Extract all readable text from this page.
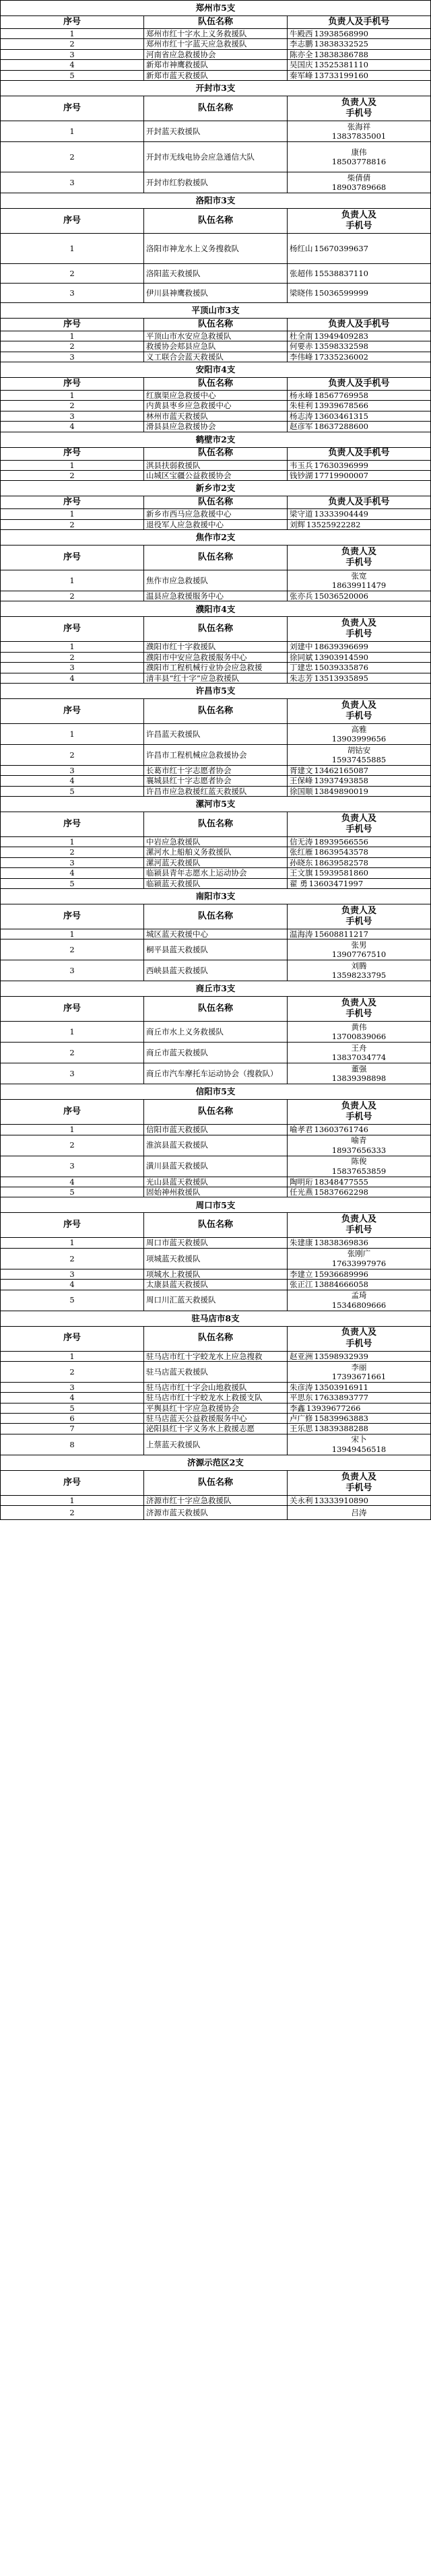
郑州市5支		
序号	队伍名称	负责人及手机号
1	郑州市红十字水上义务救援队	牛殿西 13938568990
2	郑州市红十字蓝天应急救援队	李志鹏 13838332525
3	河南省应急救援协会	陈亦全 13838386788
4	新郑市神鹰救援队	吴国庆 13525381110
5	新郑市蓝天救援队	秦军峰 13733199160
开封市3支		
序号	队伍名称	负责人及
手机号

1	开封蓝天救援队	张海祥
13837835001

2	开封市无线电协会应急通信大队	康伟
18503778816

3	开封市红豹救援队	柴倩倩
18903789668

洛阳市3支		
序号	队伍名称	负责人及
手机号

1	洛阳市神龙水上义务搜救队	杨红山 15670399637
2	洛阳蓝天救援队	张超伟 15538837110
3	伊川县神鹰救援队	梁晓伟 15036599999
平顶山市3支		
序号	队伍名称	负责人及手机号
1	平顶山市水安应急救援队	杜全南 13949409283
2	救援协会郏县应急队	何要赤 13598332598
3	义工联合会蓝天救援队	李伟峰 17335236002
安阳市4支		
序号	队伍名称	负责人及手机号
1	红旗渠应急救援中心	杨永峰 18567769958
2	内黄县枣乡应急救援中心	朱桂利 13939678566
3	林州市蓝天救援队	杨志涛 13603461315
4	滑县县应急救援协会	赵彦军 18637288600
鹤壁市2支		
序号	队伍名称	负责人及手机号
1	淇县扶弱救援队	韦玉兵 17630396999
2	山城区宝疆公益救援协会	钱钞湖 17719900007
新乡市2支		
序号	队伍名称	负责人及手机号
1	新乡市西马应急救援中心	梁守道 13333904449
2	退役军人应急救援中心	刘辉 13525922282
焦作市2支		
序号	队伍名称	负责人及
手机号

1	焦作市应急救援队	张宽
18639911479

2	温县应急救援服务中心	张亦兵 15036520006
濮阳市4支		
序号	队伍名称	负责人及
手机号

1	濮阳市红十字救援队	刘建中 18639396699
2	濮阳市中安应急救援服务中心	徐同斌 13903914590
3	濮阳市工程机械行业协会应急救援	丁建忠 15039335876
4	清丰县“红十字”应急救援队	朱志芳 13513935895
许昌市5支		
序号	队伍名称	负责人及
手机号

1	许昌蓝天救援队	高雅
13903999656

2	许昌市工程机械应急救援协会	胡钴安
15937455885

3	长葛市红十字志愿者协会	胥建文 13462165087
4	襄城县红十字志愿者协会	王保峰 13937493858
5	许昌市应急救援红蓝天救援队	徐国顺 13849890019
漯河市5支		
序号	队伍名称	负责人及
手机号

1	中岩应急救援队	信无涛 18939566556
2	漯河水上船舶义务救援队	张红雁 18639543578
3	漯河蓝天救援队	孙晓东 18639582578
4	临颍县青年志愿水上运动协会	王文旗 15939581860
5	临颍蓝天救援队	翟 勇 13603471997
南阳市3支		
序号	队伍名称	负责人及
手机号

1	城区蓝天救援中心	温海涛 15608811217
2	桐平县蓝天救援队	张男
13907767510

3	西峡县蓝天救援队	刘腾
13598233795

商丘市3支		
序号	队伍名称	负责人及
手机号

1	商丘市水上义务救援队	黄伟
13700839066

2	商丘市蓝天救援队	王舟
13837034774

3	商丘市汽车摩托车运动协会（搜救队）	董强
13839398898

信阳市5支		
序号	队伍名称	负责人及
手机号

1	信阳市蓝天救援队	喻孝君 13603761746
2	淮滨县蓝天救援队	喻青
18937656333

3	潢川县蓝天救援队	陈俊
15837653859

4	光山县蓝天救援队	陶明珩 18348477555
5	固始神州救援队	任光燕 15837662298
周口市5支		
序号	队伍名称	负责人及
手机号

1	周口市蓝天救援队	朱建康 13838369836
2	项城蓝天救援队	张刚广
17633997976

3	项城水上救援队	李建立 15936689996
4	太康县蓝天救援队	张正江 13884666058
5	周口川汇蓝天救援队	孟琦
15346809666

驻马店市8支		
序号	队伍名称	负责人及
手机号

1	驻马店市红十字蛟龙水上应急搜救	赵亚洲 13598932939
2	驻马店蓝天救援队	李丽
17393671661

3	驻马店市红十字会山地救援队	朱彦涛 13503916911
4	驻马店市红十字蛟龙水上救援支队	平思东 17633893777
5	平舆县红十字应急救援协会	李鑫 13939677266
6	驻马店蓝天公益救援服务中心	卢广修 15839963883
7	泌阳县红十字义务水上救援志愿	王乐思 13839388288
8	上蔡蓝天救援队	宋卜
13949456518

济源示范区2支		
序号	队伍名称	负责人及
手机号

1	济源市红十字应急救援队	关永利 13333910890
2	济源市蓝天救援队	吕涛
